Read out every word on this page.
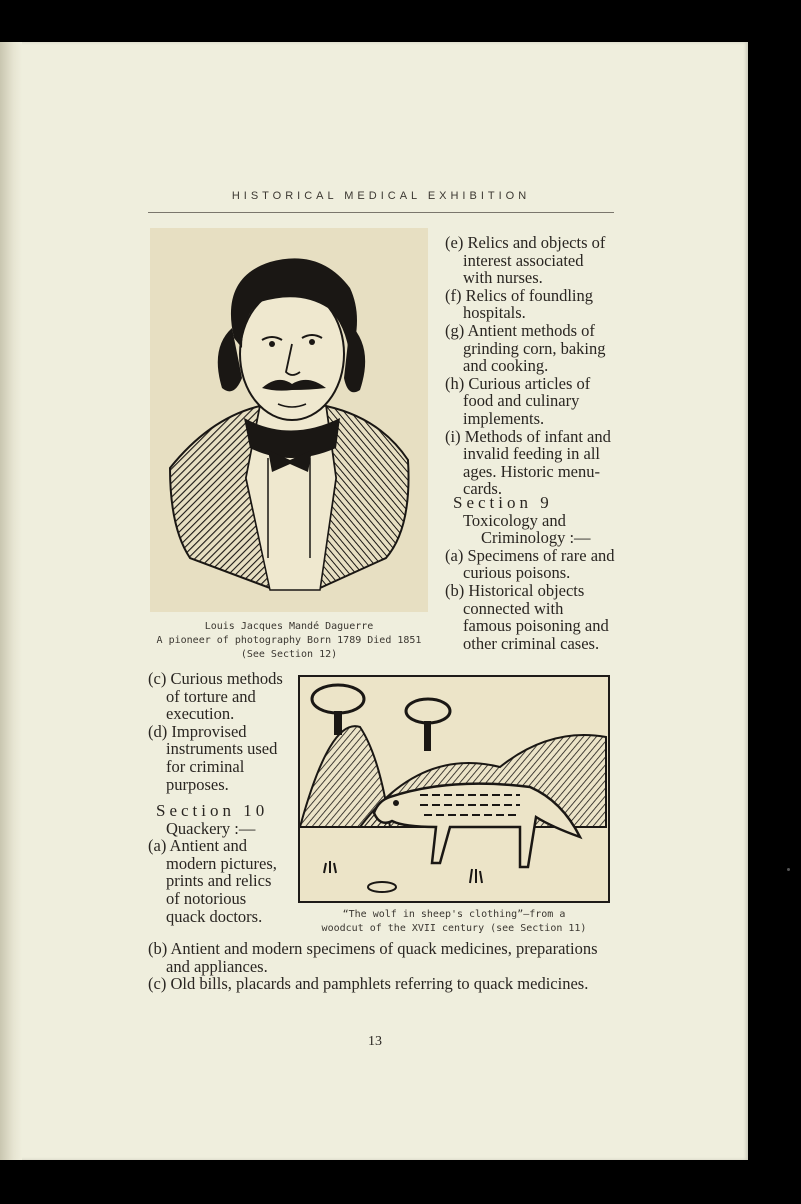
HISTORICAL MEDICAL EXHIBITION
Louis Jacques Mandé Daguerre
A pioneer of photography Born 1789 Died 1851
(See Section 12)

(e) Relics and objects of interest associated with nurses.

(f) Relics of foundling hospitals.

(g) Antient methods of grinding corn, baking and cooking.

(h) Curious articles of food and culinary implements.

(i) Methods of infant and invalid feeding in all ages. Historic menu-cards.

Section 9
Toxicology and Criminology :—

(a) Specimens of rare and curious poisons.

(b) Historical objects connected with famous poisoning and other criminal cases.

(c) Curious methods of torture and execution.

(d) Improvised instruments used for criminal purposes.

Section 10
Quackery :—

(a) Antient and modern pictures, prints and relics of notorious quack doctors.	“The wolf in sheep's clothing”—from a
woodcut of the XVII century (see Section 11)

(b) Antient and modern specimens of quack medicines, preparations and appliances.

(c) Old bills, placards and pamphlets referring to quack medicines.

13
